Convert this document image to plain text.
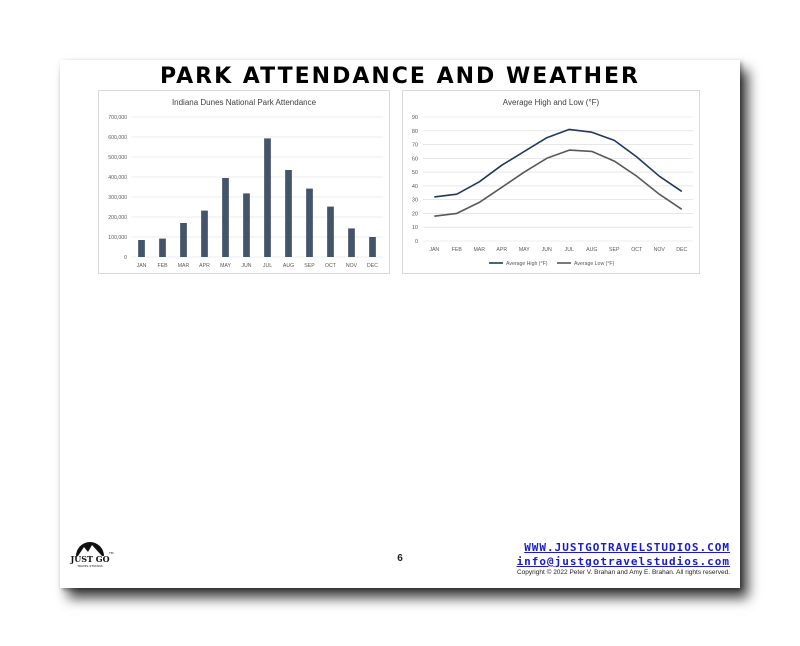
PARK ATTENDANCE AND WEATHER
0
100,000
200,000
300,000
400,000
500,000
600,000
700,000
JAN FEB MAR APR MAY JUN JUL AUG SEP OCT NOV DEC
Indiana Dunes National Park Attendance
0
10
20
30
40
50
60
70
80
90
JAN FEB MAR APR MAY JUN JUL AUG SEP OCT NOV DEC
Average High (°F)	Average Low (°F)
Average High and Low (°F)
JUST GO
TRAVEL STUDIOS
TM	6
WWW.JUSTGOTRAVELSTUDIOS.COM
info@justgotravelstudios.com
Copyright © 2022 Peter V. Brahan and Amy E. Brahan. All rights reserved.
